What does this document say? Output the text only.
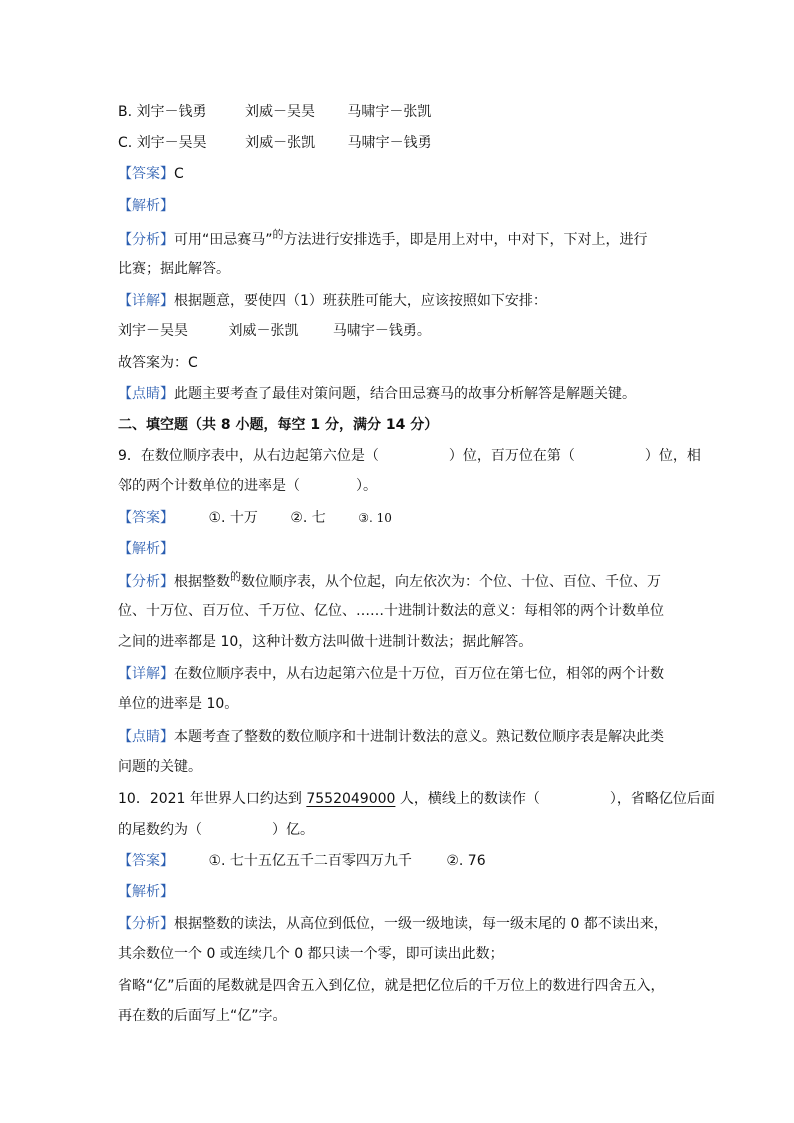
B. 刘宇－钱勇	刘威－吴昊 马啸宇－张凯
C. 刘宇－吴昊	刘威－张凯 马啸宇－钱勇
【答案】C
【解析】
【分析】可用“田忌赛马”$^的$方法进行安排选手，即是用上对中，中对下，下对上，进行
比赛；据此解答。
【详解】根据题意，要使四（1）班获胜可能大，应该按照如下安排：
刘宇－吴昊	刘威－张凯 马啸宇－钱勇。
故答案为：C
【点睛】此题主要考查了最佳对策问题，结合田忌赛马的故事分析解答是解题关键。
二、填空题（共 8 小题，每空 1 分，满分 14 分）
9．在数位顺序表中，从右边起第六位是（　　　　　）位，百万位在第（　　　　　）位，相
邻的两个计数单位的进率是（　　　　）。
【答案】 ①. 十万 ②. 七	③. 10
【解析】
【分析】根据整数$^的$数位顺序表，从个位起，向左依次为：个位、十位、百位、千位、万
位、十万位、百万位、千万位、亿位、……十进制计数法的意义：每相邻的两个计数单位
之间的进率都是 10，这种计数方法叫做十进制计数法；据此解答。
【详解】在数位顺序表中，从右边起第六位是十万位，百万位在第七位，相邻的两个计数
单位的进率是 10。
【点睛】本题考查了整数的数位顺序和十进制计数法的意义。熟记数位顺序表是解决此类
问题的关键。
10．2021 年世界人口约达到 7552049000 人，横线上的数读作（　　　　　），省略亿位后面
的尾数约为（　　　　　）亿。
【答案】 ①. 七十五亿五千二百零四万九千 ②. 76
【解析】
【分析】根据整数的读法，从高位到低位，一级一级地读，每一级末尾的 0 都不读出来，
其余数位一个 0 或连续几个 0 都只读一个零，即可读出此数；
省略“亿”后面的尾数就是四舍五入到亿位，就是把亿位后的千万位上的数进行四舍五入，
再在数的后面写上“亿”字。
